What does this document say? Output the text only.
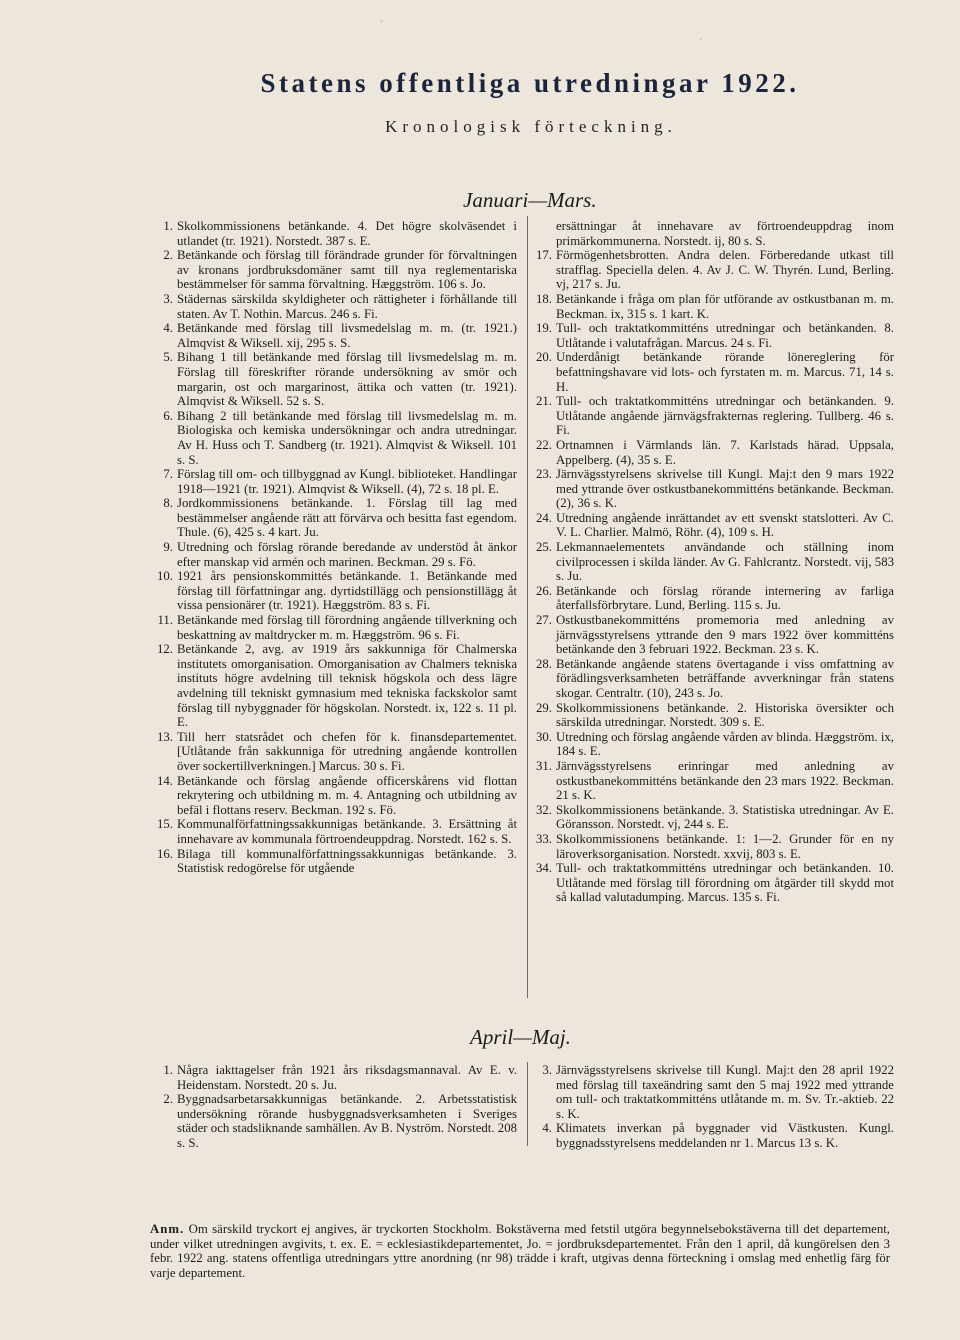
Statens offentliga utredningar 1922.
Kronologisk förteckning.
Januari—Mars.
1. Skolkommissionens betänkande. 4. Det högre skolväsendet i utlandet (tr. 1921). Norstedt. 387 s. E.
2. Betänkande och förslag till förändrade grunder för förvaltningen av kronans jordbruksdomäner samt till nya reglementariska bestämmelser för samma förvaltning. Hæggström. 106 s. Jo.
3. Städernas särskilda skyldigheter och rättigheter i förhållande till staten. Av T. Nothin. Marcus. 246 s. Fi.
4. Betänkande med förslag till livsmedelslag m. m. (tr. 1921.) Almqvist & Wiksell. xij, 295 s. S.
5. Bihang 1 till betänkande med förslag till livsmedelslag m. m. Förslag till föreskrifter rörande undersökning av smör och margarin, ost och margarinost, ättika och vatten (tr. 1921). Almqvist & Wiksell. 52 s. S.
6. Bihang 2 till betänkande med förslag till livsmedelslag m. m. Biologiska och kemiska undersökningar och andra utredningar. Av H. Huss och T. Sandberg (tr. 1921). Almqvist & Wiksell. 101 s. S.
7. Förslag till om- och tillbyggnad av Kungl. biblioteket. Handlingar 1918—1921 (tr. 1921). Almqvist & Wiksell. (4), 72 s. 18 pl. E.
8. Jordkommissionens betänkande. 1. Förslag till lag med bestämmelser angående rätt att förvärva och besitta fast egendom. Thule. (6), 425 s. 4 kart. Ju.
9. Utredning och förslag rörande beredande av understöd åt änkor efter manskap vid armén och marinen. Beckman. 29 s. Fö.
10. 1921 års pensionskommittés betänkande. 1. Betänkande med förslag till författningar ang. dyrtidstillägg och pensionstillägg åt vissa pensionärer (tr. 1921). Hæggström. 83 s. Fi.
11. Betänkande med förslag till förordning angående tillverkning och beskattning av maltdrycker m. m. Hæggström. 96 s. Fi.
12. Betänkande 2, avg. av 1919 års sakkunniga för Chalmerska institutets omorganisation. Omorganisation av Chalmers tekniska instituts högre avdelning till teknisk högskola och dess lägre avdelning till tekniskt gymnasium med tekniska fackskolor samt förslag till nybyggnader för högskolan. Norstedt. ix, 122 s. 11 pl. E.
13. Till herr statsrådet och chefen för k. finansdepartementet. [Utlåtande från sakkunniga för utredning angående kontrollen över sockertillverkningen.] Marcus. 30 s. Fi.
14. Betänkande och förslag angående officerskårens vid flottan rekrytering och utbildning m. m. 4. Antagning och utbildning av befäl i flottans reserv. Beckman. 192 s. Fö.
15. Kommunalförfattningssakkunnigas betänkande. 3. Ersättning åt innehavare av kommunala förtroendeuppdrag. Norstedt. 162 s. S.
16. Bilaga till kommunalförfattningssakkunnigas betänkande. 3. Statistisk redogörelse för utgående
ersättningar åt innehavare av förtroendeuppdrag inom primärkommunerna. Norstedt. ij, 80 s. S.
17. Förmögenhetsbrotten. Andra delen. Förberedande utkast till strafflag. Speciella delen. 4. Av J. C. W. Thyrén. Lund, Berling. vj, 217 s. Ju.
18. Betänkande i fråga om plan för utförande av ostkustbanan m. m. Beckman. ix, 315 s. 1 kart. K.
19. Tull- och traktatkommitténs utredningar och betänkanden. 8. Utlåtande i valutafrågan. Marcus. 24 s. Fi.
20. Underdånigt betänkande rörande lönereglering för befattningshavare vid lots- och fyrstaten m. m. Marcus. 71, 14 s. H.
21. Tull- och traktatkommitténs utredningar och betänkanden. 9. Utlåtande angående järnvägsfrakternas reglering. Tullberg. 46 s. Fi.
22. Ortnamnen i Värmlands län. 7. Karlstads härad. Uppsala, Appelberg. (4), 35 s. E.
23. Järnvägsstyrelsens skrivelse till Kungl. Maj:t den 9 mars 1922 med yttrande över ostkustbanekommitténs betänkande. Beckman. (2), 36 s. K.
24. Utredning angående inrättandet av ett svenskt statslotteri. Av C. V. L. Charlier. Malmö, Röhr. (4), 109 s. H.
25. Lekmannaelementets användande och ställning inom civilprocessen i skilda länder. Av G. Fahlcrantz. Norstedt. vij, 583 s. Ju.
26. Betänkande och förslag rörande internering av farliga återfallsförbrytare. Lund, Berling. 115 s. Ju.
27. Ostkustbanekommitténs promemoria med anledning av järnvägsstyrelsens yttrande den 9 mars 1922 över kommitténs betänkande den 3 februari 1922. Beckman. 23 s. K.
28. Betänkande angående statens övertagande i viss omfattning av förädlingsverksamheten beträffande avverkningar från statens skogar. Centraltr. (10), 243 s. Jo.
29. Skolkommissionens betänkande. 2. Historiska översikter och särskilda utredningar. Norstedt. 309 s. E.
30. Utredning och förslag angående vården av blinda. Hæggström. ix, 184 s. E.
31. Järnvägsstyrelsens erinringar med anledning av ostkustbanekommitténs betänkande den 23 mars 1922. Beckman. 21 s. K.
32. Skolkommissionens betänkande. 3. Statistiska utredningar. Av E. Göransson. Norstedt. vj, 244 s. E.
33. Skolkommissionens betänkande. 1: 1—2. Grunder för en ny läroverksorganisation. Norstedt. xxvij, 803 s. E.
34. Tull- och traktatkommitténs utredningar och betänkanden. 10. Utlåtande med förslag till förordning om åtgärder till skydd mot så kallad valutadumping. Marcus. 135 s. Fi.
April—Maj.
1. Några iakttagelser från 1921 års riksdagsmannaval. Av E. v. Heidenstam. Norstedt. 20 s. Ju.
2. Byggnadsarbetarsakkunnigas betänkande. 2. Arbetsstatistisk undersökning rörande husbyggnadsverksamheten i Sveriges städer och stadsliknande samhällen. Av B. Nyström. Norstedt. 208 s. S.
3. Järnvägsstyrelsens skrivelse till Kungl. Maj:t den 28 april 1922 med förslag till taxeändring samt den 5 maj 1922 med yttrande om tull- och traktatkommitténs utlåtande m. m. Sv. Tr.-aktieb. 22 s. K.
4. Klimatets inverkan på byggnader vid Västkusten. Kungl. byggnadsstyrelsens meddelanden nr 1. Marcus 13 s. K.
Anm. Om särskild tryckort ej angives, är tryckorten Stockholm. Bokstäverna med fetstil utgöra begynnelsebokstäverna till det departement, under vilket utredningen avgivits, t. ex. E. = ecklesiastikdepartementet, Jo. = jordbruksdepartementet. Från den 1 april, då kungörelsen den 3 febr. 1922 ang. statens offentliga utredningars yttre anordning (nr 98) trädde i kraft, utgivas denna förteckning i omslag med enhetlig färg för varje departement.
